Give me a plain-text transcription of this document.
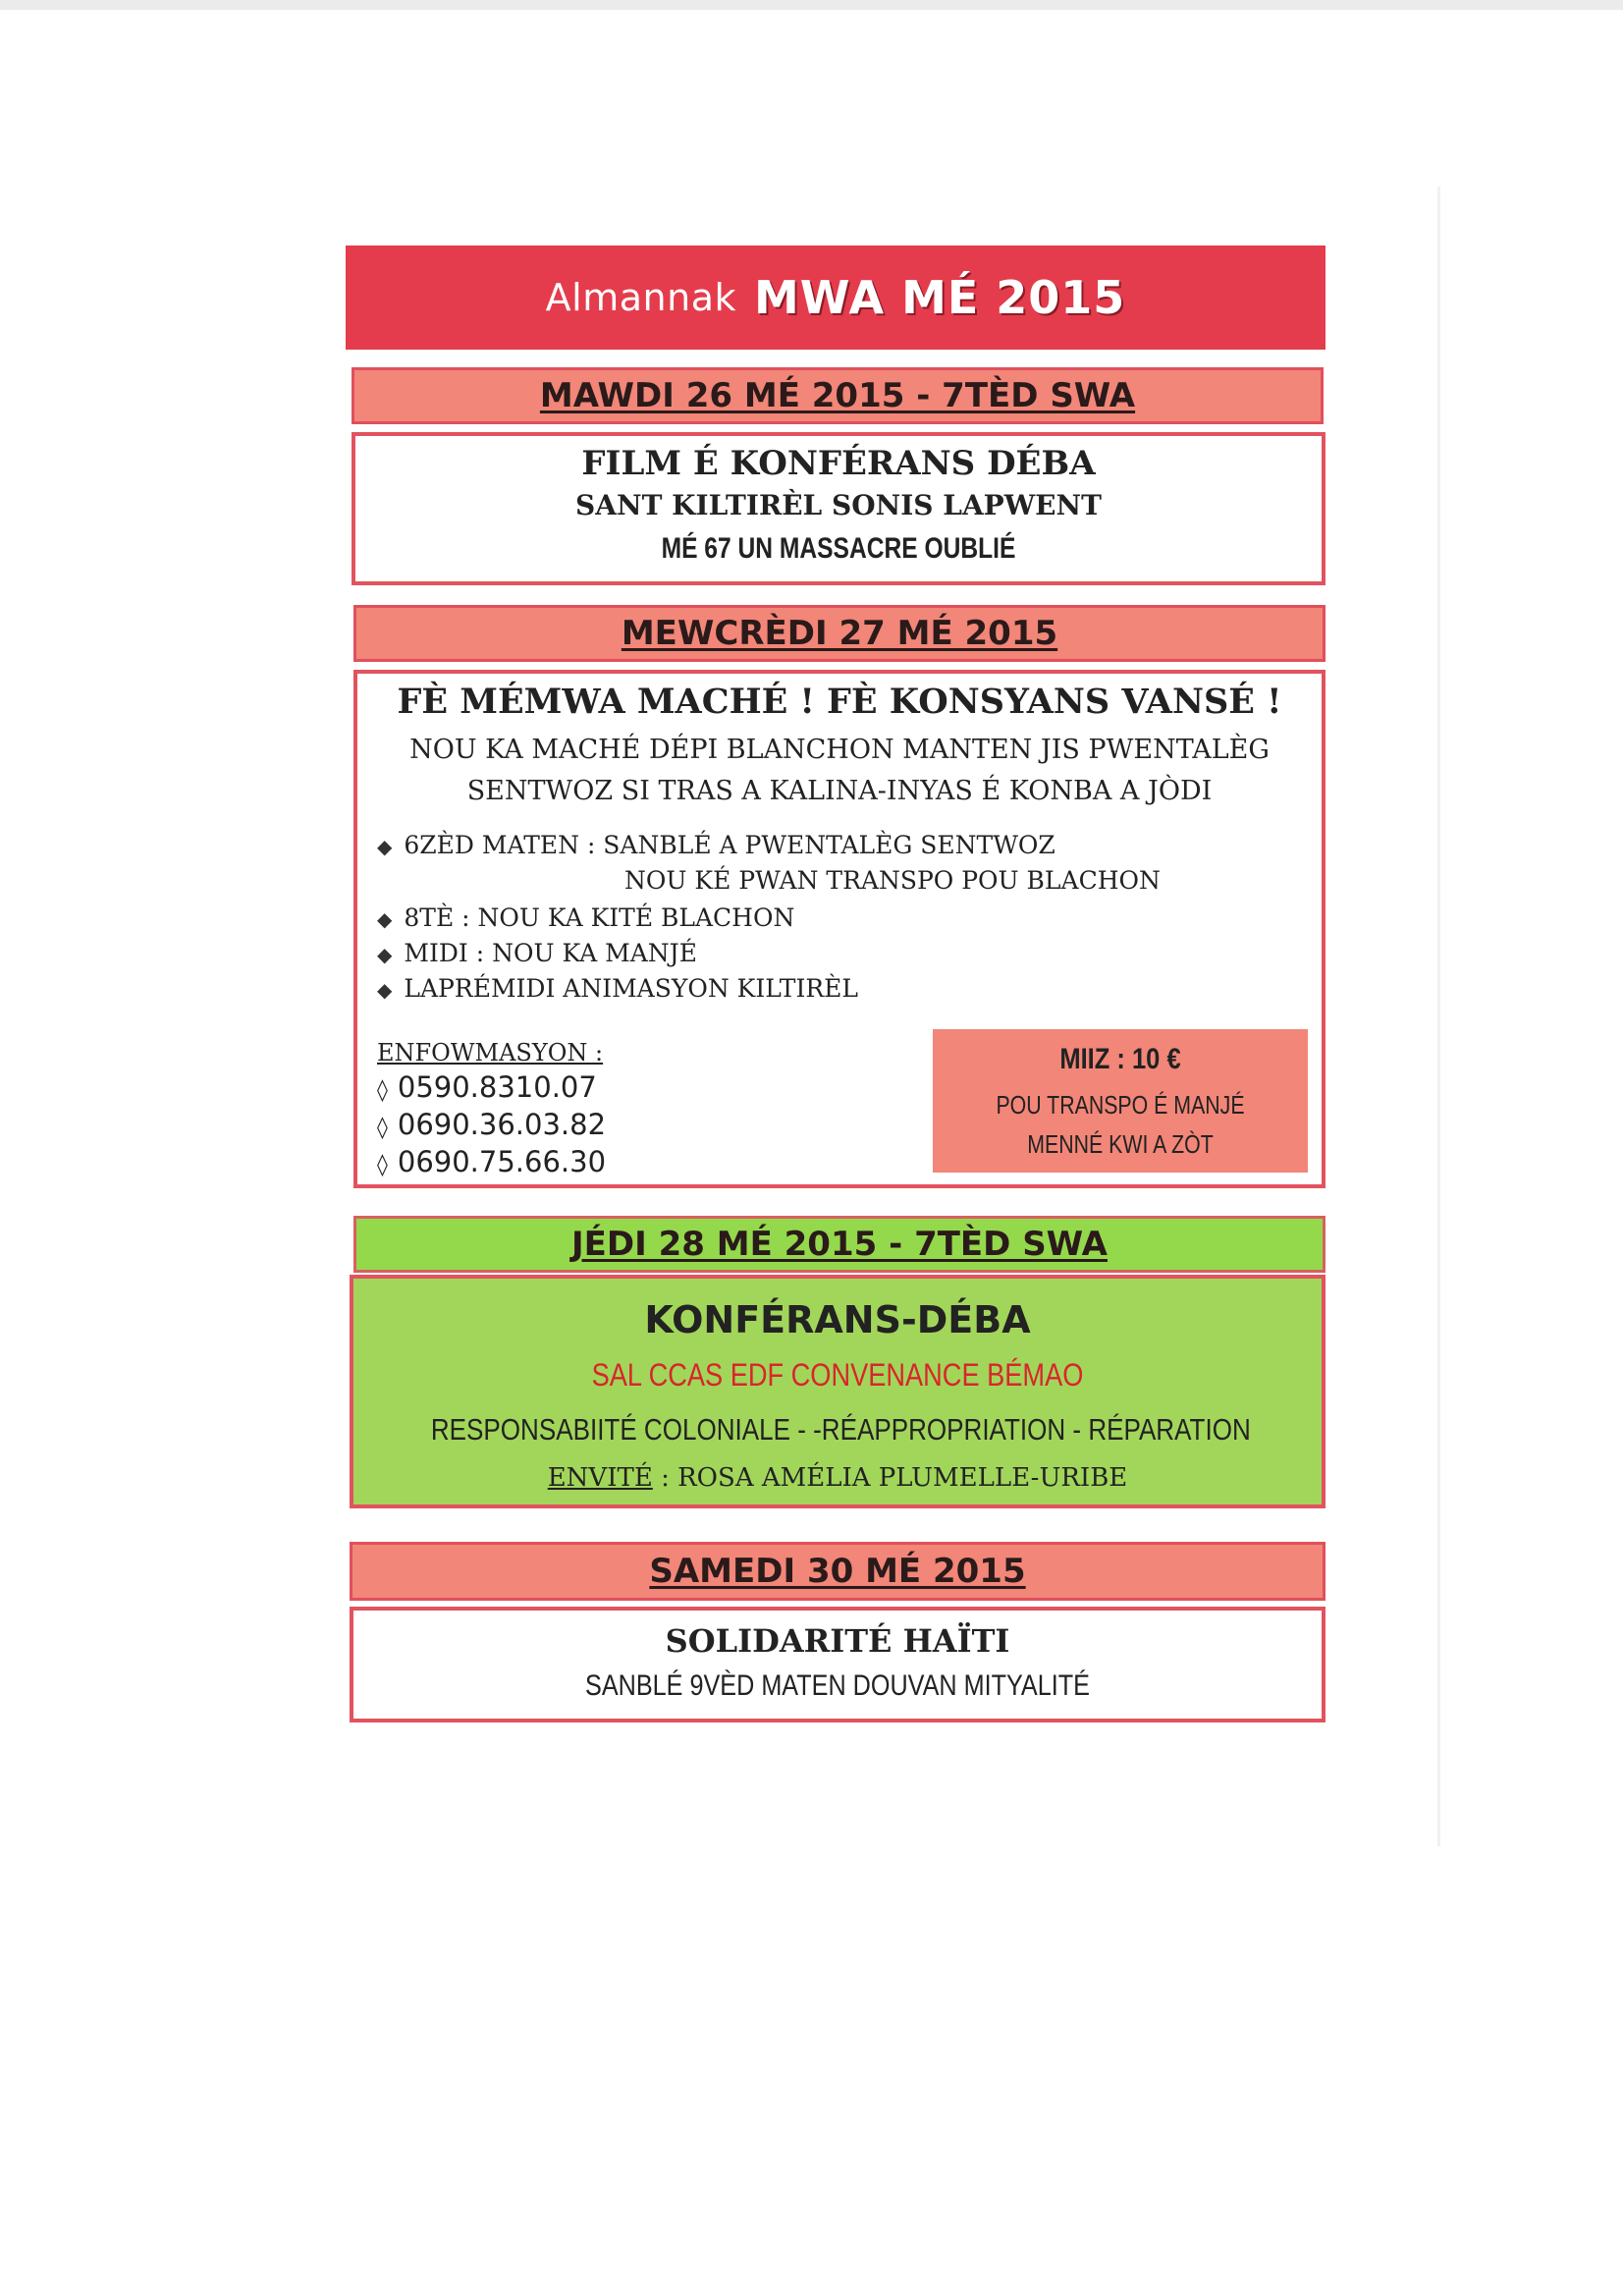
Almannak MWA MÉ 2015
MAWDI 26 MÉ 2015 - 7TÈD SWA
FILM É KONFÉRANS DÉBA
SANT KILTIRÈL SONIS LAPWENT
MÉ 67 UN MASSACRE OUBLIÉ
MEWCRÈDI 27 MÉ 2015
FÈ MÉMWA MACHÉ ! FÈ KONSYANS VANSÉ !
NOU KA MACHÉ DÉPI BLANCHON MANTEN JIS PWENTALÈG
SENTWOZ SI TRAS A KALINA-INYAS É KONBA A JÒDI
◆ 6ZÈD MATEN : SANBLÉ A PWENTALÈG SENTWOZ
NOU KÉ PWAN TRANSPO POU BLACHON
◆ 8TÈ : NOU KA KITÉ BLACHON
◆ MIDI : NOU KA MANJÉ
◆ LAPRÉMIDI ANIMASYON KILTIRÈL
ENFOWMASYON :
◊ 0590.8310.07
◊ 0690.36.03.82
◊ 0690.75.66.30
MIIZ : 10 €
POU TRANSPO É MANJÉ
MENNÉ KWI A ZÒT
JÉDI 28 MÉ 2015 - 7TÈD SWA
KONFÉRANS-DÉBA
SAL CCAS EDF CONVENANCE BÉMAO
RESPONSABIITÉ COLONIALE - -RÉAPPROPRIATION - RÉPARATION
ENVITÉ : ROSA AMÉLIA PLUMELLE-URIBE
SAMEDI 30 MÉ 2015
SOLIDARITÉ HAÏTI
SANBLÉ 9VÈD MATEN DOUVAN MITYALITÉ
